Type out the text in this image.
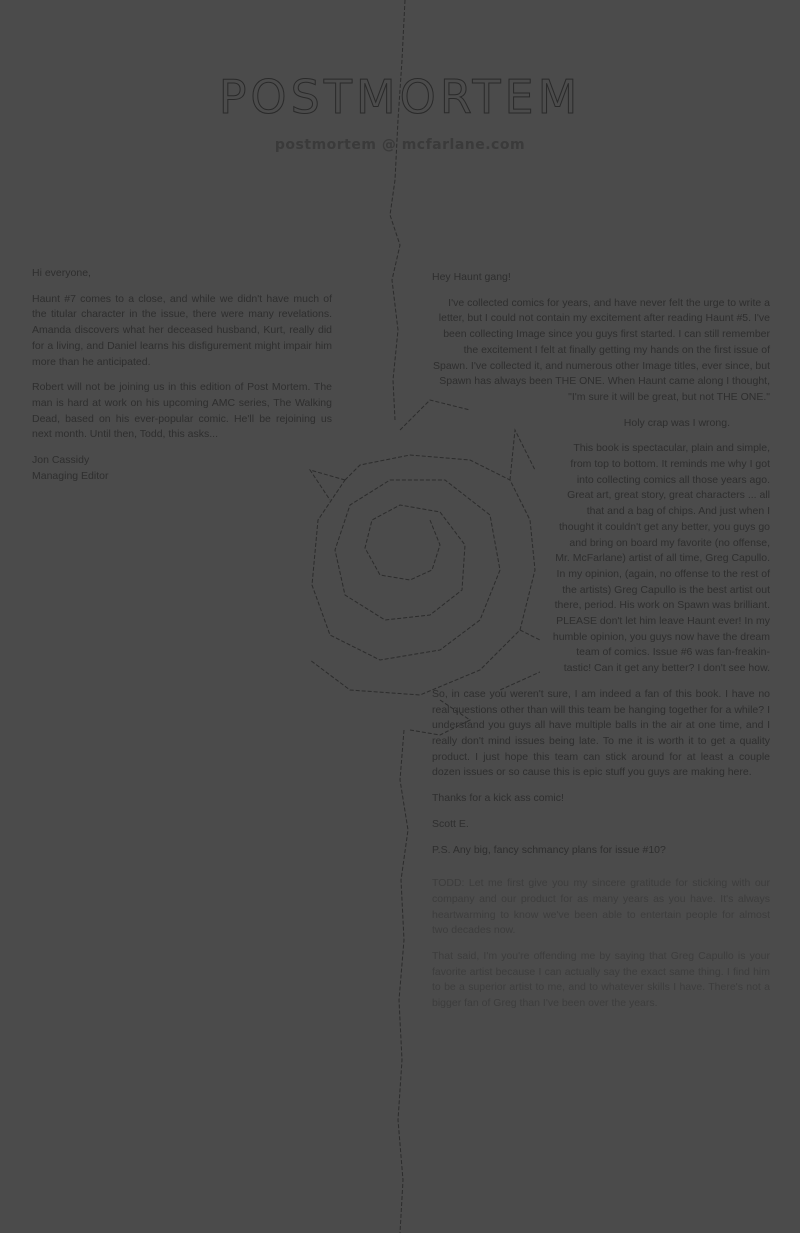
POSTMORTEM
postmortem @ mcfarlane.com

Hi everyone,

Haunt #7 comes to a close, and while we didn't have much of the titular character in the issue, there were many revelations. Amanda discovers what her deceased husband, Kurt, really did for a living, and Daniel learns his disfigurement might impair him more than he anticipated.

Robert will not be joining us in this edition of Post Mortem. The man is hard at work on his upcoming AMC series, The Walking Dead, based on his ever-popular comic. He'll be rejoining us next month. Until then, Todd, this asks...

Jon Cassidy
Managing Editor

Hey Haunt gang!

I've collected comics for years, and have never felt the urge to write a letter, but I could not contain my excitement after reading Haunt #5. I've been collecting Image since you guys first started. I can still remember the excitement I felt at finally getting my hands on the first issue of Spawn. I've collected it, and numerous other Image titles, ever since, but Spawn has always been THE ONE. When Haunt came along I thought, "I'm sure it will be great, but not THE ONE."

Holy crap was I wrong.

This book is spectacular, plain and simple, from top to bottom. It reminds me why I got into collecting comics all those years ago. Great art, great story, great characters ... all that and a bag of chips. And just when I thought it couldn't get any better, you guys go and bring on board my favorite (no offense, Mr. McFarlane) artist of all time, Greg Capullo. In my opinion, (again, no offense to the rest of the artists) Greg Capullo is the best artist out there, period. His work on Spawn was brilliant. PLEASE don't let him leave Haunt ever! In my humble opinion, you guys now have the dream team of comics. Issue #6 was fan-freakin-tastic! Can it get any better? I don't see how.

So, in case you weren't sure, I am indeed a fan of this book. I have no real questions other than will this team be hanging together for a while? I understand you guys all have multiple balls in the air at one time, and I really don't mind issues being late. To me it is worth it to get a quality product. I just hope this team can stick around for at least a couple dozen issues or so cause this is epic stuff you guys are making here.

Thanks for a kick ass comic!

Scott E.

P.S. Any big, fancy schmancy plans for issue #10?

TODD: Let me first give you my sincere gratitude for sticking with our company and our product for as many years as you have. It's always heartwarming to know we've been able to entertain people for almost two decades now.

That said, I'm you're offending me by saying that Greg Capullo is your favorite artist because I can actually say the exact same thing. I find him to be a superior artist to me, and to whatever skills I have. There's not a bigger fan of Greg than I've been over the years.
